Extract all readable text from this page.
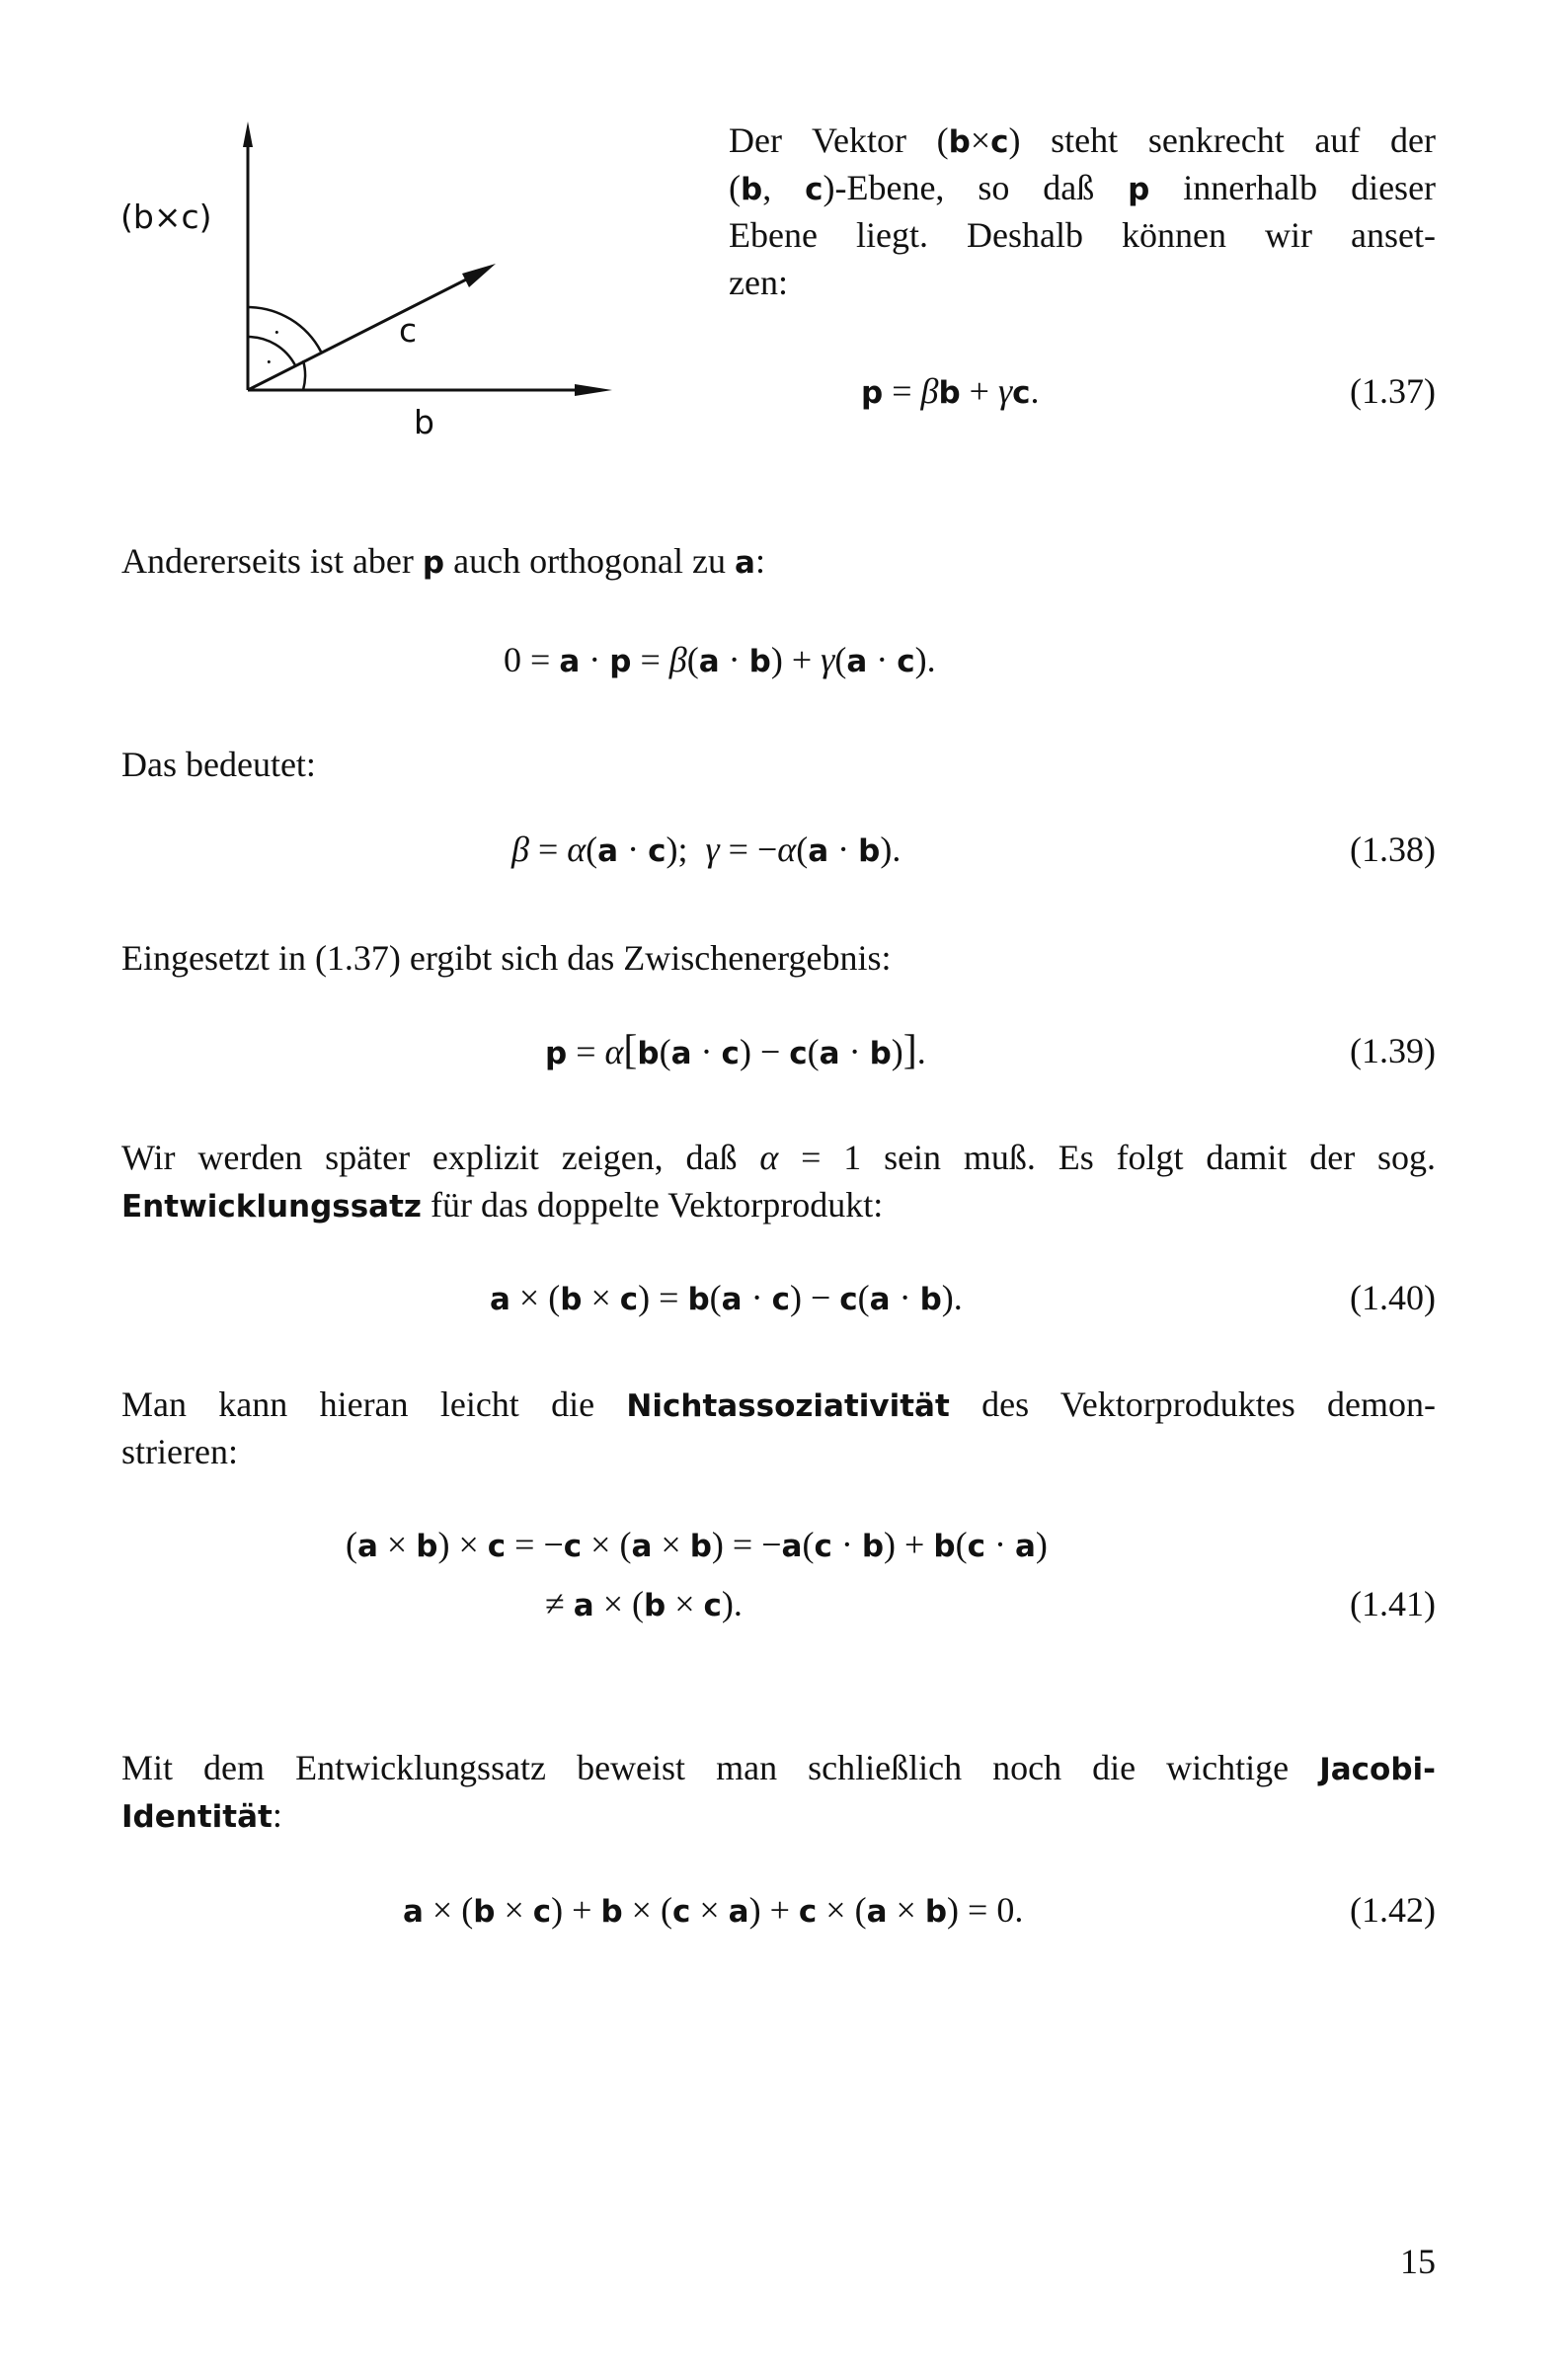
(b×c)
c
b
·
·
Der Vektor (b×c) steht senkrecht auf der
(b, c)-Ebene, so daß p innerhalb dieser
Ebene liegt. Deshalb können wir anset-
zen:
p = βb + γc.	(1.37)
Andererseits ist aber p auch orthogonal zu a:
0 = a · p = β(a · b) + γ(a · c).
Das bedeutet:
β = α(a · c); γ = −α(a · b).	(1.38)
Eingesetzt in (1.37) ergibt sich das Zwischenergebnis:
p = α[b(a · c) − c(a · b)].	(1.39)
Wir werden später explizit zeigen, daß α = 1 sein muß. Es folgt damit der sog.
Entwicklungssatz für das doppelte Vektorprodukt:
a × (b × c) = b(a · c) − c(a · b).	(1.40)
Man kann hieran leicht die Nichtassoziativität des Vektorproduktes demon-
strieren:
(a × b) × c = −c × (a × b) = −a(c · b) + b(c · a)
≠ a × (b × c).	(1.41)
Mit dem Entwicklungssatz beweist man schließlich noch die wichtige Jacobi-
Identität:
a × (b × c) + b × (c × a) + c × (a × b) = 0.	(1.42)
15
